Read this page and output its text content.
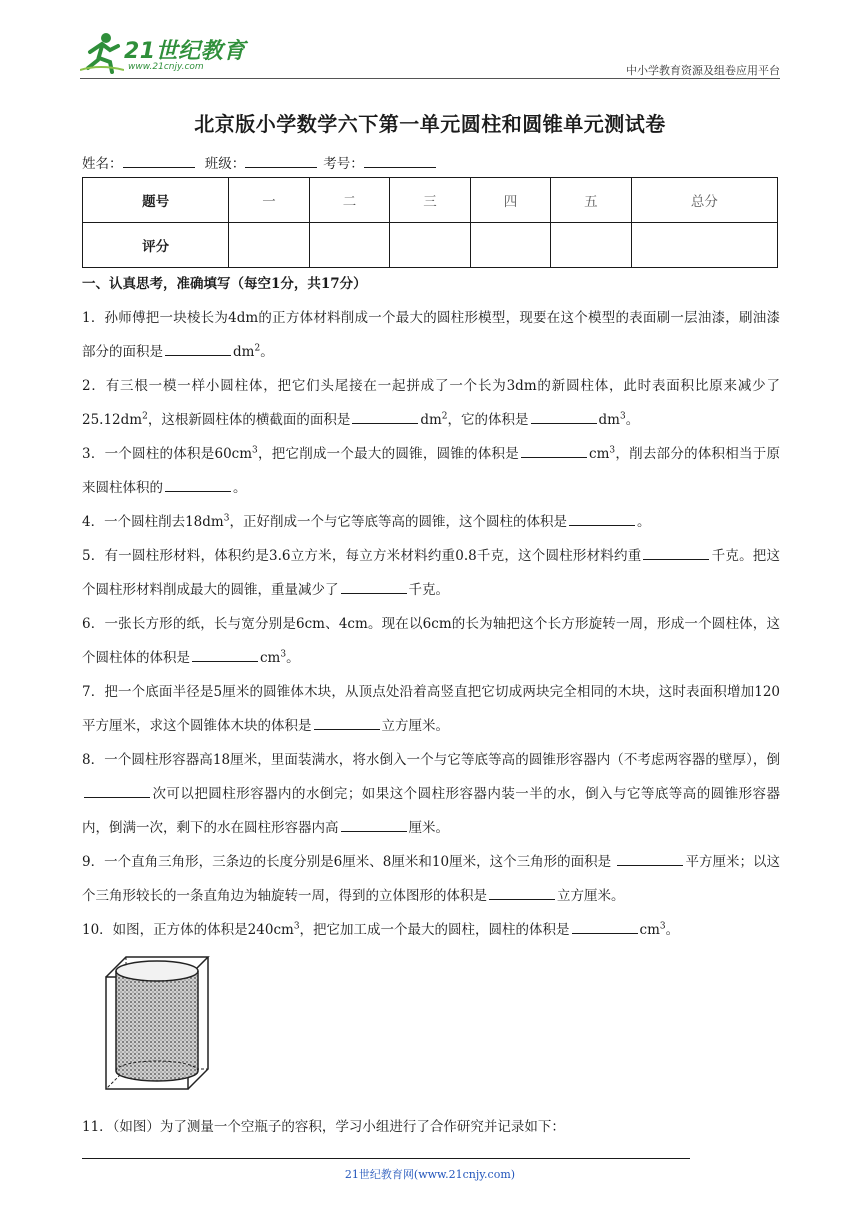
21世纪教育
www.21cnjy.com	中小学教育资源及组卷应用平台
北京版小学数学六下第一单元圆柱和圆锥单元测试卷
姓名：	班级：	考号：
题号	一	二	三	四	五	总分
评分						
一、认真思考，准确填写（每空1分，共17分）

1．孙师傅把一块棱长为4dm的正方体材料削成一个最大的圆柱形模型，现要在这个模型的表面刷一层油漆，刷油漆部分的面积是	$dm^2$。

2．有三根一模一样小圆柱体，把它们头尾接在一起拼成了一个长为3dm的新圆柱体，此时表面积比原来减少了$25.12dm^2$，这根新圆柱体的横截面的面积是	$dm^2$，它的体积是	$dm^3$。

3．一个圆柱的体积是$60cm^3$，把它削成一个最大的圆锥，圆锥的体积是	$cm^3$，削去部分的体积相当于原来圆柱体积的	。

4．一个圆柱削去$18dm^3$，正好削成一个与它等底等高的圆锥，这个圆柱的体积是	。

5．有一圆柱形材料，体积约是3.6立方米，每立方米材料约重0.8千克，这个圆柱形材料约重	千克。把这个圆柱形材料削成最大的圆锥，重量减少了	千克。

6．一张长方形的纸，长与宽分别是6cm、4cm。现在以6cm的长为轴把这个长方形旋转一周，形成一个圆柱体，这个圆柱体的体积是	$cm^3$。

7．把一个底面半径是5厘米的圆锥体木块，从顶点处沿着高竖直把它切成两块完全相同的木块，这时表面积增加120平方厘米，求这个圆锥体木块的体积是	立方厘米。

8．一个圆柱形容器高18厘米，里面装满水，将水倒入一个与它等底等高的圆锥形容器内（不考虑两容器的壁厚），倒次可以把圆柱形容器内的水倒完；如果这个圆柱形容器内装一半的水，倒入与它等底等高的圆锥形容器内，倒满一次，剩下的水在圆柱形容器内高	厘米。

9．一个直角三角形，三条边的长度分别是6厘米、8厘米和10厘米，这个三角形的面积是	平方厘米；以这个三角形较长的一条直角边为轴旋转一周，得到的立体图形的体积是	立方厘米。

10．如图，正方体的体积是$240cm^3$，把它加工成一个最大的圆柱，圆柱的体积是	$cm^3$。

11．（如图）为了测量一个空瓶子的容积，学习小组进行了合作研究并记录如下：

21世纪教育网(www.21cnjy.com)
